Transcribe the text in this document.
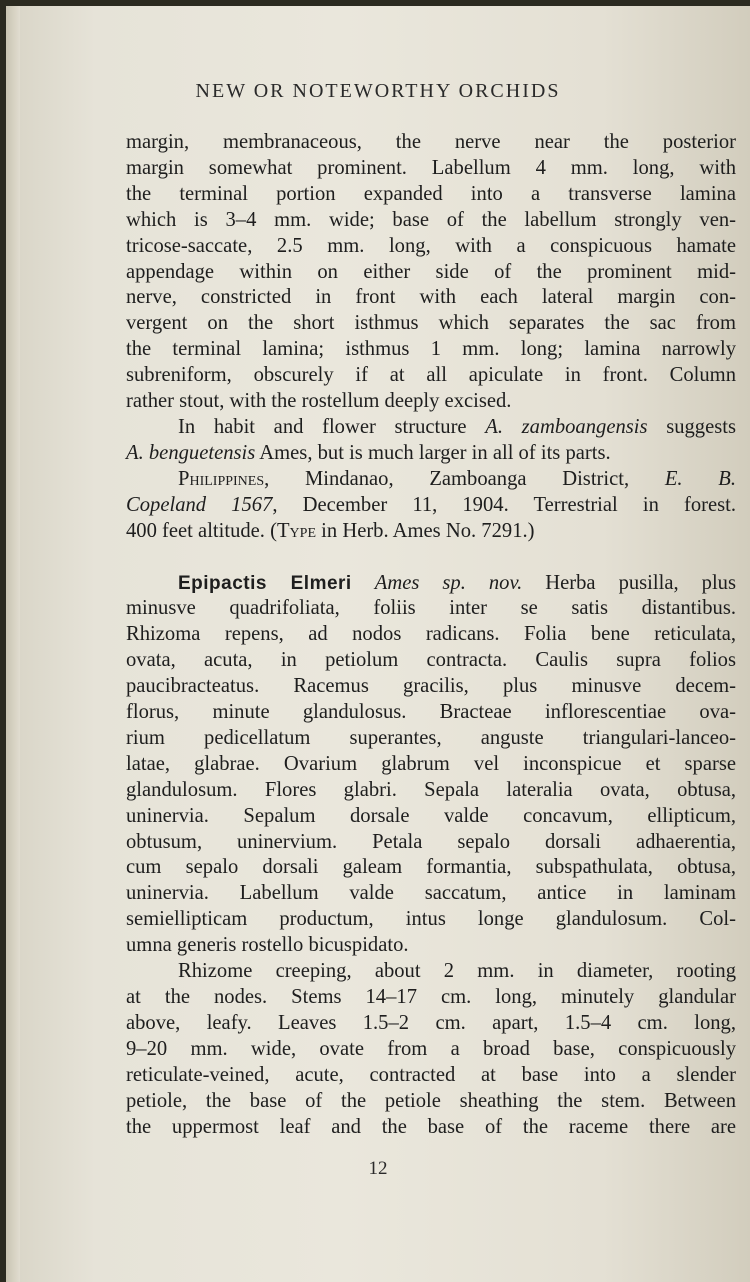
NEW OR NOTEWORTHY ORCHIDS

margin, membranaceous, the nerve near the posterior

margin somewhat prominent. Labellum 4 mm. long, with

the terminal portion expanded into a transverse lamina

which is 3–4 mm. wide; base of the labellum strongly ven-

tricose-saccate, 2.5 mm. long, with a conspicuous hamate

appendage within on either side of the prominent mid-

nerve, constricted in front with each lateral margin con-

vergent on the short isthmus which separates the sac from

the terminal lamina; isthmus 1 mm. long; lamina narrowly

subreniform, obscurely if at all apiculate in front. Column

rather stout, with the rostellum deeply excised.

In habit and flower structure A. zamboangensis suggests

A. benguetensis Ames, but is much larger in all of its parts.

Philippines, Mindanao, Zamboanga District, E. B.

Copeland 1567, December 11, 1904. Terrestrial in forest.

400 feet altitude. (Type in Herb. Ames No. 7291.)

Epipactis Elmeri Ames sp. nov. Herba pusilla, plus

minusve quadrifoliata, foliis inter se satis distantibus.

Rhizoma repens, ad nodos radicans. Folia bene reticulata,

ovata, acuta, in petiolum contracta. Caulis supra folios

paucibracteatus. Racemus gracilis, plus minusve decem-

florus, minute glandulosus. Bracteae inflorescentiae ova-

rium pedicellatum superantes, anguste triangulari-lanceo-

latae, glabrae. Ovarium glabrum vel inconspicue et sparse

glandulosum. Flores glabri. Sepala lateralia ovata, obtusa,

uninervia. Sepalum dorsale valde concavum, ellipticum,

obtusum, uninervium. Petala sepalo dorsali adhaerentia,

cum sepalo dorsali galeam formantia, subspathulata, obtusa,

uninervia. Labellum valde saccatum, antice in laminam

semiellipticam productum, intus longe glandulosum. Col-

umna generis rostello bicuspidato.

Rhizome creeping, about 2 mm. in diameter, rooting

at the nodes. Stems 14–17 cm. long, minutely glandular

above, leafy. Leaves 1.5–2 cm. apart, 1.5–4 cm. long,

9–20 mm. wide, ovate from a broad base, conspicuously

reticulate-veined, acute, contracted at base into a slender

petiole, the base of the petiole sheathing the stem. Between

the uppermost leaf and the base of the raceme there are

12
